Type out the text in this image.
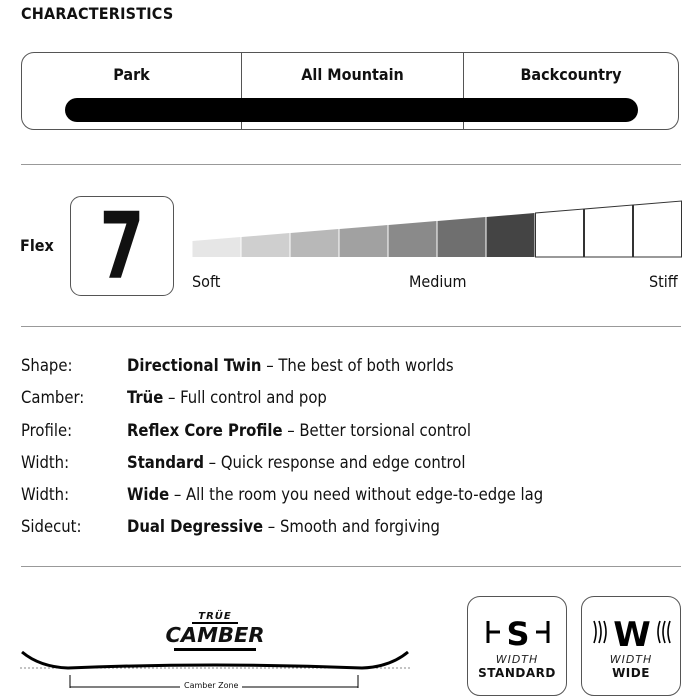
CHARACTERISTICS
Park	All Mountain	Backcountry
Flex 7	Soft	Medium	Stiff
Shape:	Directional Twin – The best of both worlds
Camber:	Trüe – Full control and pop
Profile:	Reflex Core Profile – Better torsional control
Width:	Standard – Quick response and edge control
Width:	Wide – All the room you need without edge-to-edge lag
Sidecut:	Dual Degressive – Smooth and forgiving
TRÜE
CAMBER
Camber Zone
S
WIDTH
STANDARD
W
WIDTH
WIDE
